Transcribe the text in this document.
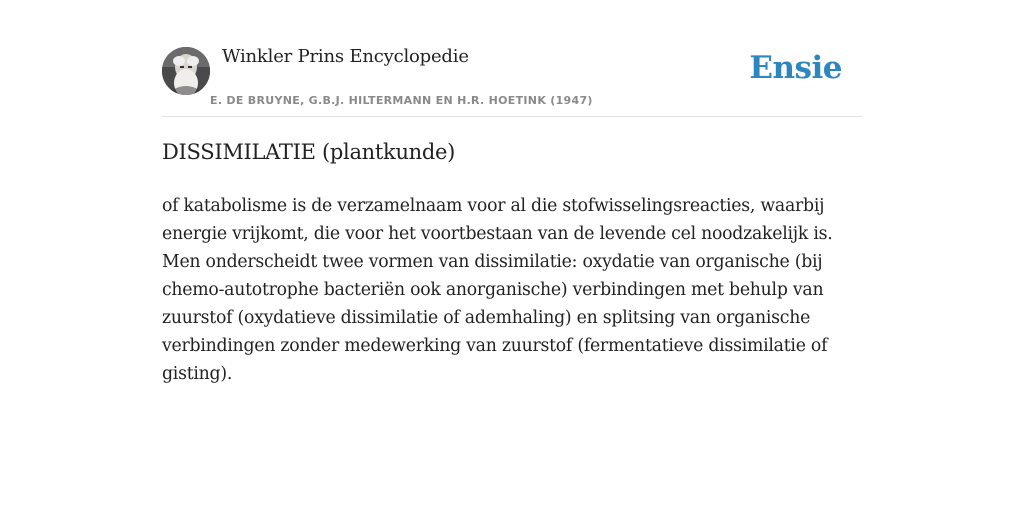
Winkler Prins Encyclopedie
E. DE BRUYNE, G.B.J. HILTERMANN EN H.R. HOETINK (1947)
Ensie
DISSIMILATIE (plantkunde)

of katabolisme is de verzamelnaam voor al die stofwisselingsreacties, waarbij energie vrijkomt, die voor het voortbestaan van de levende cel noodzakelijk is. Men onderscheidt twee vormen van dissimilatie: oxydatie van organische (bij chemo-autotrophe bacteriën ook anorganische) verbindingen met behulp van zuurstof (oxydatieve dissimilatie of ademhaling) en splitsing van organische verbindingen zonder medewerking van zuurstof (fermentatieve dissimilatie of gisting).
